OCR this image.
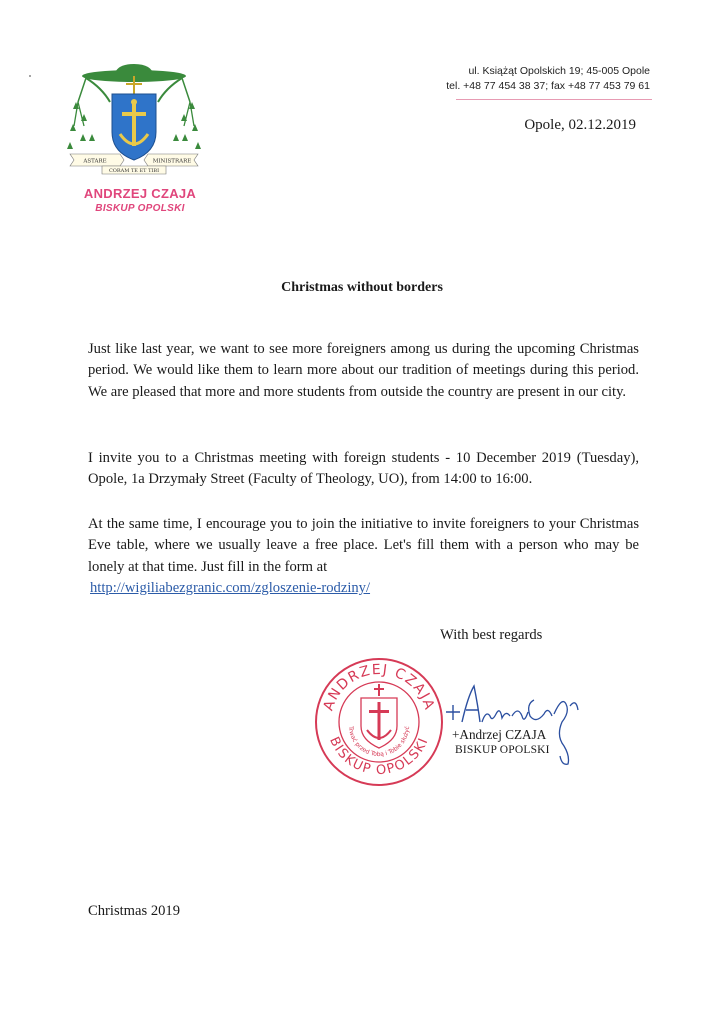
ASTARE	MINISTRARE
CORAM TE ET TIBI
ANDRZEJ CZAJA
BISKUP OPOLSKI
ul. Książąt Opolskich 19; 45-005 Opole
tel. +48 77 454 38 37; fax +48 77 453 79 61
Opole, 02.12.2019
Christmas without borders
Just like last year, we want to see more foreigners among us during the upcoming Christmas period. We would like them to learn more about our tradition of meetings during this period. We are pleased that more and more students from outside the country are present in our city.
I invite you to a Christmas meeting with foreign students - 10 December 2019 (Tuesday), Opole, 1a Drzymały Street (Faculty of Theology, UO), from 14:00 to 16:00.
At the same time, I encourage you to join the initiative to invite foreigners to your Christmas Eve table, where we usually leave a free place. Let's fill them with a person who may be lonely at that time. Just fill in the form at
http://wigiliabezgranic.com/zgloszenie-rodziny/
With best regards
ANDRZEJ CZAJA
BISKUP OPOLSKI
Trwać przed Tobą i Tobie służyć	+Andrzej CZAJA
BISKUP OPOLSKI
Christmas 2019
